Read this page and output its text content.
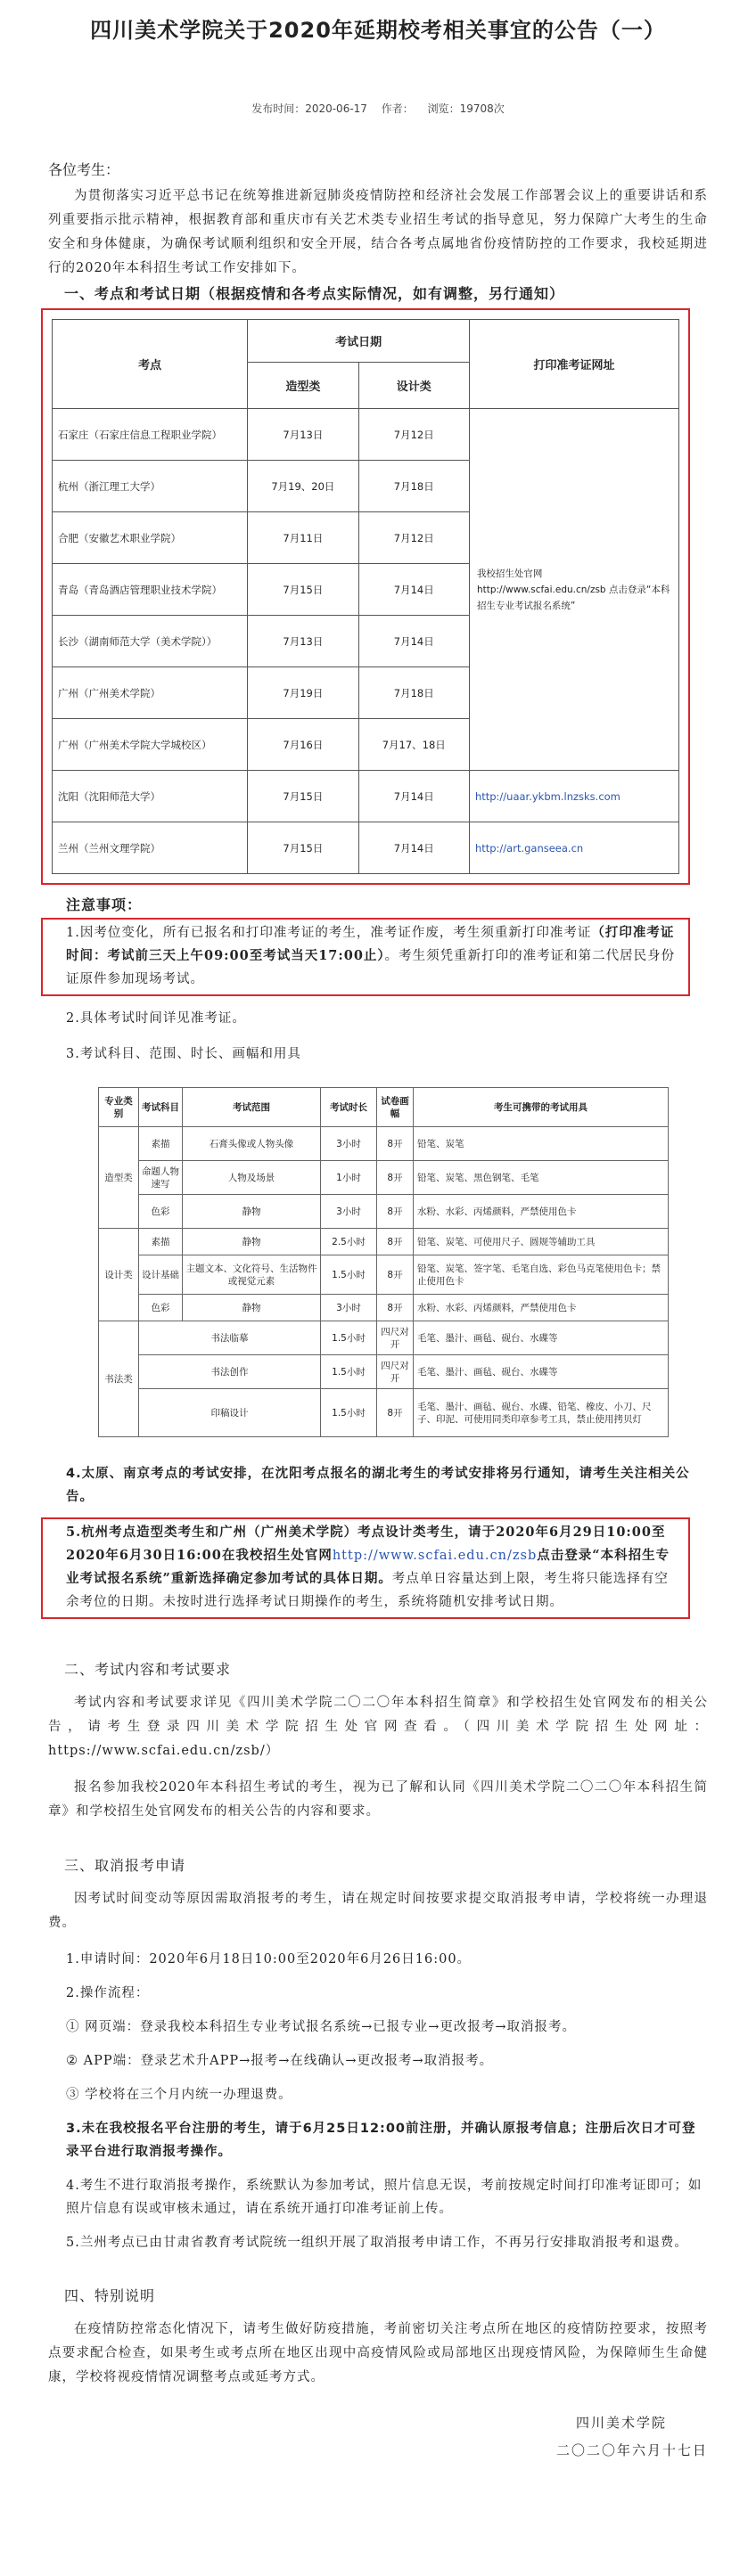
四川美术学院关于2020年延期校考相关事宜的公告（一）
发布时间：2020-06-17 作者： 浏览：19708次
各位考生：
为贯彻落实习近平总书记在统筹推进新冠肺炎疫情防控和经济社会发展工作部署会议上的重要讲话和系列重要指示批示精神，根据教育部和重庆市有关艺术类专业招生考试的指导意见，努力保障广大考生的生命安全和身体健康，为确保考试顺利组织和安全开展，结合各考点属地省份疫情防控的工作要求，我校延期进行的2020年本科招生考试工作安排如下。
一、考点和考试日期（根据疫情和各考点实际情况，如有调整，另行通知）
考点	考试日期		打印准考证网址
	造型类	设计类	
石家庄（石家庄信息工程职业学院）	7月13日	7月12日	我校招生处官网 http://www.scfai.edu.cn/zsb 点击登录“本科招生专业考试报名系统”
杭州（浙江理工大学）	7月19、20日	7月18日	
合肥（安徽艺术职业学院）	7月11日	7月12日	
青岛（青岛酒店管理职业技术学院）	7月15日	7月14日	
长沙（湖南师范大学（美术学院））	7月13日	7月14日	
广州（广州美术学院）	7月19日	7月18日	
广州（广州美术学院大学城校区）	7月16日	7月17、18日	
沈阳（沈阳师范大学）	7月15日	7月14日	http://uaar.ykbm.lnzsks.com
兰州（兰州文理学院）	7月15日	7月14日	http://art.ganseea.cn
注意事项：
1.因考位变化，所有已报名和打印准考证的考生，准考证作废，考生须重新打印准考证（打印准考证时间：考试前三天上午09:00至考试当天17:00止）。考生须凭重新打印的准考证和第二代居民身份证原件参加现场考试。
2.具体考试时间详见准考证。
3.考试科目、范围、时长、画幅和用具
专业类别	考试科目	考试范围	考试时长	试卷画幅	考生可携带的考试用具
造型类	素描	石膏头像或人物头像	3小时	8开	铅笔、炭笔
	命题人物速写	人物及场景	1小时	8开	铅笔、炭笔、黑色钢笔、毛笔
	色彩	静物	3小时	8开	水粉、水彩、丙烯颜料，严禁使用色卡
设计类	素描	静物	2.5小时	8开	铅笔、炭笔、可使用尺子、圆规等辅助工具
	设计基础	主题文本、文化符号、生活物件或视觉元素	1.5小时	8开	铅笔、炭笔、签字笔、毛笔自选、彩色马克笔使用色卡；禁止使用色卡
	色彩	静物	3小时	8开	水粉、水彩、丙烯颜料，严禁使用色卡
书法类	书法临摹		1.5小时	四尺对开	毛笔、墨汁、画毡、砚台、水碟等
	书法创作		1.5小时	四尺对开	毛笔、墨汁、画毡、砚台、水碟等
	印稿设计		1.5小时	8开	毛笔、墨汁、画毡、砚台、水碟、铅笔、橡皮、小刀、尺子、印泥、可使用同类印章参考工具，禁止使用拷贝灯
4.太原、南京考点的考试安排，在沈阳考点报名的湖北考生的考试安排将另行通知，请考生关注相关公告。
5.杭州考点造型类考生和广州（广州美术学院）考点设计类考生，请于2020年6月29日10:00至2020年6月30日16:00在我校招生处官网http://www.scfai.edu.cn/zsb点击登录“本科招生专业考试报名系统”重新选择确定参加考试的具体日期。考点单日容量达到上限，考生将只能选择有空余考位的日期。未按时进行选择考试日期操作的考生，系统将随机安排考试日期。
二、考试内容和考试要求
考试内容和考试要求详见《四川美术学院二〇二〇年本科招生简章》和学校招生处官网发布的相关公告，请考生登录四川美术学院招生处官网查看。（四川美术学院招生处网址：https://www.scfai.edu.cn/zsb/）
报名参加我校2020年本科招生考试的考生，视为已了解和认同《四川美术学院二〇二〇年本科招生简章》和学校招生处官网发布的相关公告的内容和要求。
三、取消报考申请
因考试时间变动等原因需取消报考的考生，请在规定时间按要求提交取消报考申请，学校将统一办理退费。
1.申请时间：2020年6月18日10:00至2020年6月26日16:00。
2.操作流程：
① 网页端：登录我校本科招生专业考试报名系统→已报专业→更改报考→取消报考。
② APP端：登录艺术升APP→报考→在线确认→更改报考→取消报考。
③ 学校将在三个月内统一办理退费。
3.未在我校报名平台注册的考生，请于6月25日12:00前注册，并确认原报考信息；注册后次日才可登录平台进行取消报考操作。
4.考生不进行取消报考操作，系统默认为参加考试，照片信息无误，考前按规定时间打印准考证即可；如照片信息有误或审核未通过，请在系统开通打印准考证前上传。
5.兰州考点已由甘肃省教育考试院统一组织开展了取消报考申请工作，不再另行安排取消报考和退费。
四、特别说明
在疫情防控常态化情况下，请考生做好防疫措施，考前密切关注考点所在地区的疫情防控要求，按照考点要求配合检查，如果考生或考点所在地区出现中高疫情风险或局部地区出现疫情风险，为保障师生生命健康，学校将视疫情情况调整考点或延考方式。
四川美术学院
二〇二〇年六月十七日
